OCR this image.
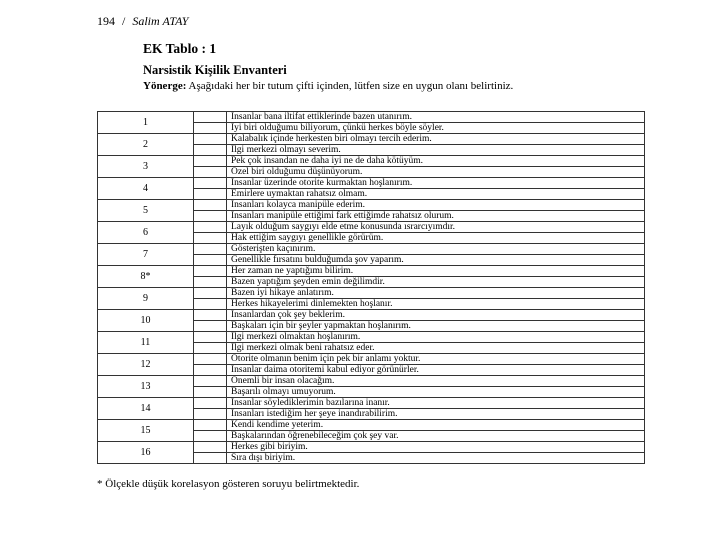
194 / Salim ATAY
EK Tablo : 1
Narsistik Kişilik Envanteri
Yönerge: Aşağıdaki her bir tutum çifti içinden, lütfen size en uygun olanı belirtiniz.
1		İnsanlar bana iltifat ettiklerinde bazen utanırım.
		İyi biri olduğumu biliyorum, çünkü herkes böyle söyler.
2		Kalabalık içinde herkesten biri olmayı tercih ederim.
		İlgi merkezi olmayı severim.
3		Pek çok insandan ne daha iyi ne de daha kötüyüm.
		Özel biri olduğumu düşünüyorum.
4		İnsanlar üzerinde otorite kurmaktan hoşlanırım.
		Emirlere uymaktan rahatsız olmam.
5		İnsanları kolayca manipüle ederim.
		İnsanları manipüle ettiğimi fark ettiğimde rahatsız olurum.
6		Layık olduğum saygıyı elde etme konusunda ısrarcıyımdır.
		Hak ettiğim saygıyı genellikle görürüm.
7		Gösterişten kaçınırım.
		Genellikle fırsatını bulduğumda şov yaparım.
8*		Her zaman ne yaptığımı bilirim.
		Bazen yaptığım şeyden emin değilimdir.
9		Bazen iyi hikaye anlatırım.
		Herkes hikayelerimi dinlemekten hoşlanır.
10		İnsanlardan çok şey beklerim.
		Başkaları için bir şeyler yapmaktan hoşlanırım.
11		İlgi merkezi olmaktan hoşlanırım.
		İlgi merkezi olmak beni rahatsız eder.
12		Otorite olmanın benim için pek bir anlamı yoktur.
		İnsanlar daima otoritemi kabul ediyor görünürler.
13		Önemli bir insan olacağım.
		Başarılı olmayı umuyorum.
14		İnsanlar söylediklerimin bazılarına inanır.
		İnsanları istediğim her şeye inandırabilirim.
15		Kendi kendime yeterim.
		Başkalarından öğrenebileceğim çok şey var.
16		Herkes gibi biriyim.
		Sıra dışı biriyim.
* Ölçekle düşük korelasyon gösteren soruyu belirtmektedir.
